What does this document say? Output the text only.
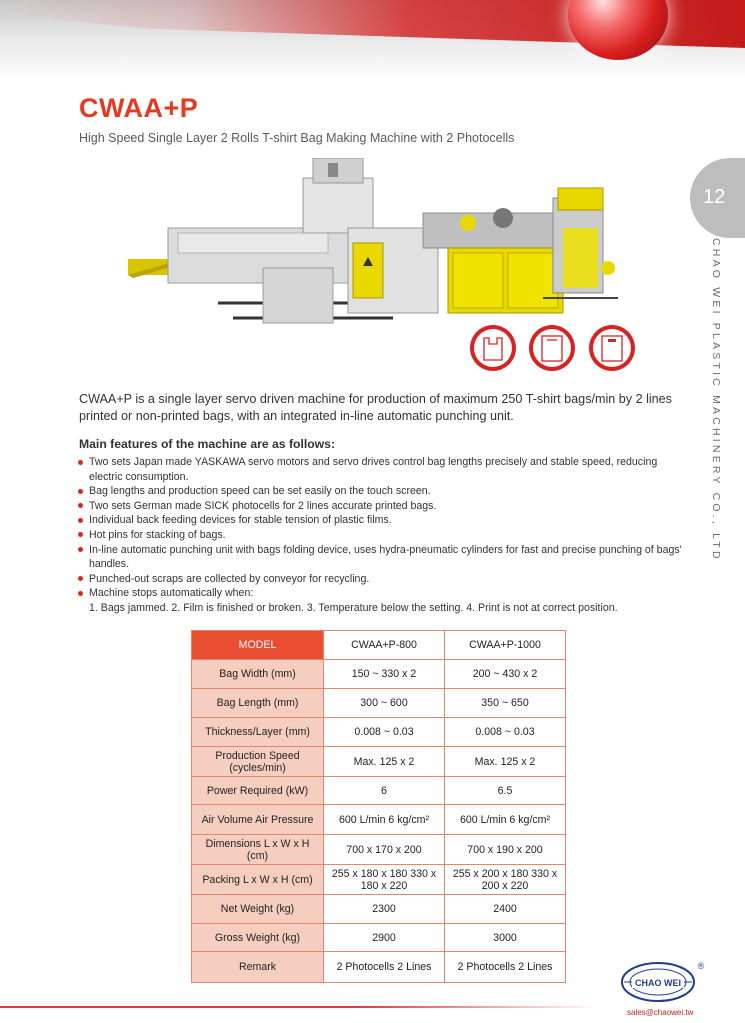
CWAA+P
High Speed Single Layer 2 Rolls T-shirt Bag Making Machine with 2 Photocells
12
CHAO WEI PLASTIC MACHINERY CO., LTD
CWAA+P is a single layer servo driven machine for production of maximum 250 T-shirt bags/min by 2 lines printed or non-printed bags, with an integrated in-line automatic punching unit.
Main features of the machine are as follows:
Two sets Japan made YASKAWA servo motors and servo drives control bag lengths precisely and stable speed, reducing electric consumption.
Bag lengths and production speed can be set easily on the touch screen.
Two sets German made SICK photocells for 2 lines accurate printed bags.
Individual back feeding devices for stable tension of plastic films.
Hot pins for stacking of bags.
In-line automatic punching unit with bags folding device, uses hydra-pneumatic cylinders for fast and precise punching of bags' handles.
Punched-out scraps are collected by conveyor for recycling.
Machine stops automatically when:
1. Bags jammed. 2. Film is finished or broken. 3. Temperature below the setting. 4. Print is not at correct position.
MODEL	CWAA+P-800	CWAA+P-1000
Bag Width (mm)	150 ~ 330 x 2	200 ~ 430 x 2
Bag Length (mm)	300 ~ 600	350 ~ 650
Thickness/Layer (mm)	0.008 ~ 0.03	0.008 ~ 0.03
Production Speed (cycles/min)	Max. 125 x 2	Max. 125 x 2
Power Required (kW)	6	6.5
Air Volume Air Pressure	600 L/min 6 kg/cm²	600 L/min 6 kg/cm²
Dimensions L x W x H (cm)	700 x 170 x 200	700 x 190 x 200
Packing L x W x H (cm)	255 x 180 x 180 330 x 180 x 220	255 x 200 x 180 330 x 200 x 220
Net Weight (kg)	2300	2400
Gross Weight (kg)	2900	3000
Remark	2 Photocells 2 Lines	2 Photocells 2 Lines
CHAO WEI
®
sales@chaowei.tw
